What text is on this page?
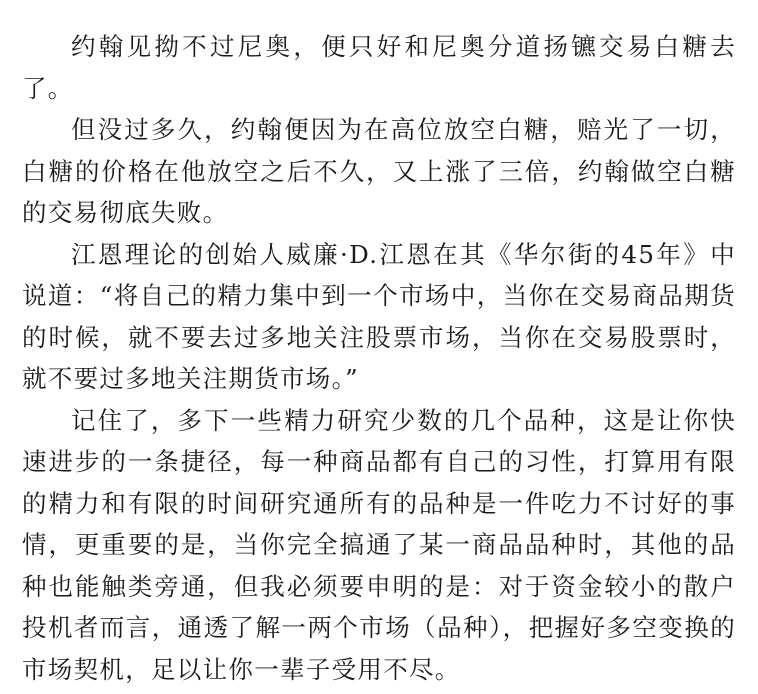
约翰见拗不过尼奥，便只好和尼奥分道扬镳交易白糖去了。

但没过多久，约翰便因为在高位放空白糖，赔光了一切，白糖的价格在他放空之后不久，又上涨了三倍，约翰做空白糖的交易彻底失败。

江恩理论的创始人威廉·D.江恩在其《华尔街的45年》中说道：“将自己的精力集中到一个市场中，当你在交易商品期货的时候，就不要去过多地关注股票市场，当你在交易股票时，就不要过多地关注期货市场。”

记住了，多下一些精力研究少数的几个品种，这是让你快速进步的一条捷径，每一种商品都有自己的习性，打算用有限的精力和有限的时间研究通所有的品种是一件吃力不讨好的事情，更重要的是，当你完全搞通了某一商品品种时，其他的品种也能触类旁通，但我必须要申明的是：对于资金较小的散户投机者而言，通透了解一两个市场（品种），把握好多空变换的市场契机，足以让你一辈子受用不尽。
